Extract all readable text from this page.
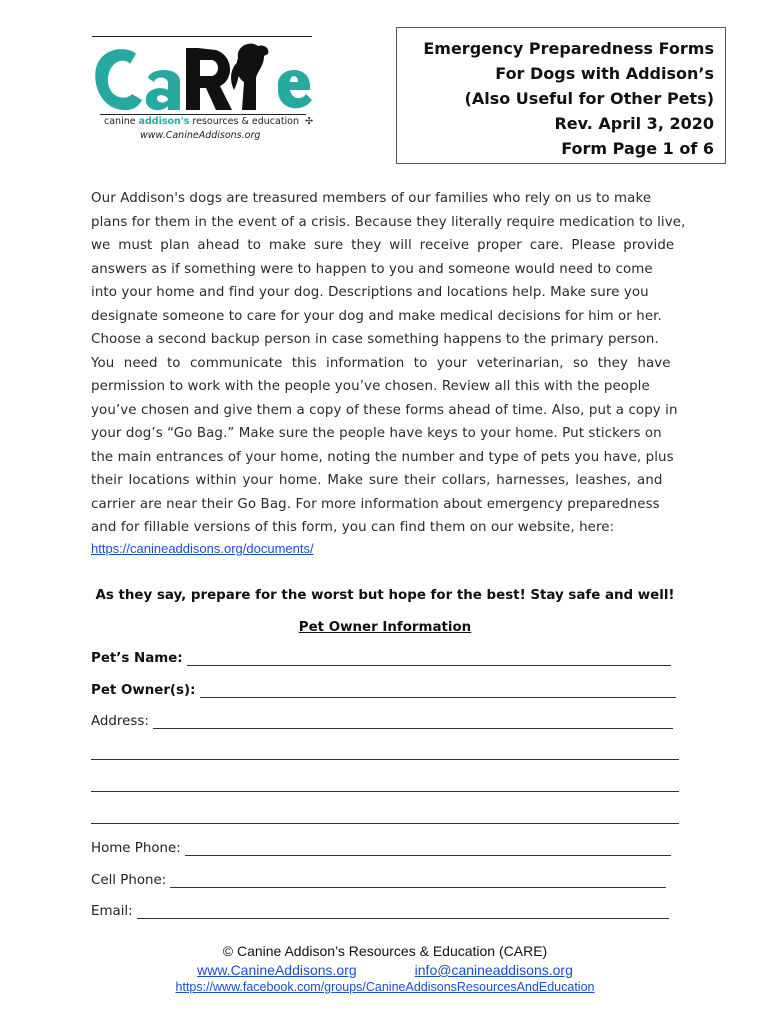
canine addison's resources & education ✣
www.CanineAddisons.org
Emergency Preparedness Forms
For Dogs with Addison’s
(Also Useful for Other Pets)
Rev. April 3, 2020
Form Page 1 of 6
Our Addison's dogs are treasured members of our families who rely on us to make
plans for them in the event of a crisis. Because they literally require medication to live,
we must plan ahead to make sure they will receive proper care. Please provide
answers as if something were to happen to you and someone would need to come
into your home and find your dog. Descriptions and locations help. Make sure you
designate someone to care for your dog and make medical decisions for him or her.
Choose a second backup person in case something happens to the primary person.
You need to communicate this information to your veterinarian, so they have
permission to work with the people you’ve chosen. Review all this with the people
you’ve chosen and give them a copy of these forms ahead of time. Also, put a copy in
your dog’s “Go Bag.” Make sure the people have keys to your home. Put stickers on
the main entrances of your home, noting the number and type of pets you have, plus
their locations within your home. Make sure their collars, harnesses, leashes, and
carrier are near their Go Bag. For more information about emergency preparedness
and for fillable versions of this form, you can find them on our website, here:
https://canineaddisons.org/documents/
As they say, prepare for the worst but hope for the best! Stay safe and well!
Pet Owner Information
Pet’s Name:
Pet Owner(s):
Address:
Home Phone:
Cell Phone:
Email:
© Canine Addison’s Resources & Education (CARE)
www.CanineAddisons.org	info@canineaddisons.org
https://www.facebook.com/groups/CanineAddisonsResourcesAndEducation
